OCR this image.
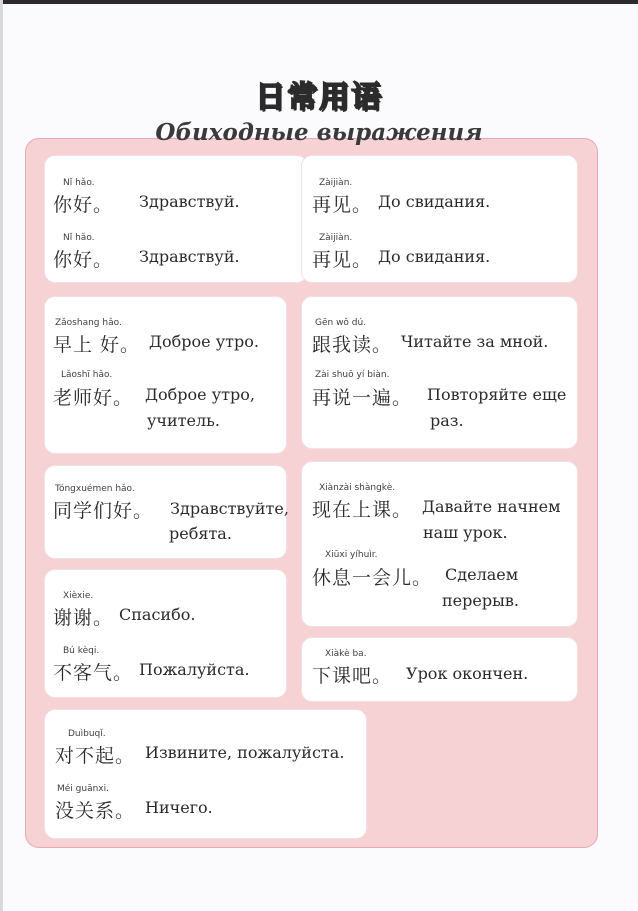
日常用语
Обиходные выражения
Nǐ hǎo.
你好。 Здравствуй.
Nǐ hǎo.
你好。 Здравствуй.
Zàijiàn.
再见。 До свидания.
Zàijiàn.
再见。 До свидания.
Zǎoshang hǎo.
早上 好。 Доброе утро.
Lǎoshī hǎo.
老师好。 Доброе утро,
учитель.
Gēn wǒ dú.
跟我读。 Читайте за мной.
Zài shuō yí biàn.
再说一遍。 Повторяйте еще
раз.
Tóngxuémen hǎo.
同学们好。 Здравствуйте,
ребята.
Xiànzài shàngkè.
现在上课。 Давайте начнем
наш урок.
Xiūxi yíhuìr.
休息一会儿。 Сделаем
перерыв.
Xièxie.
谢谢。 Спасибо.
Bú kèqi.
不客气。 Пожалуйста.
Xiàkè ba.
下课吧。 Урок окончен.
Duìbuqǐ.
对不起。 Извините, пожалуйста.
Méi guānxi.
没关系。 Ничего.
